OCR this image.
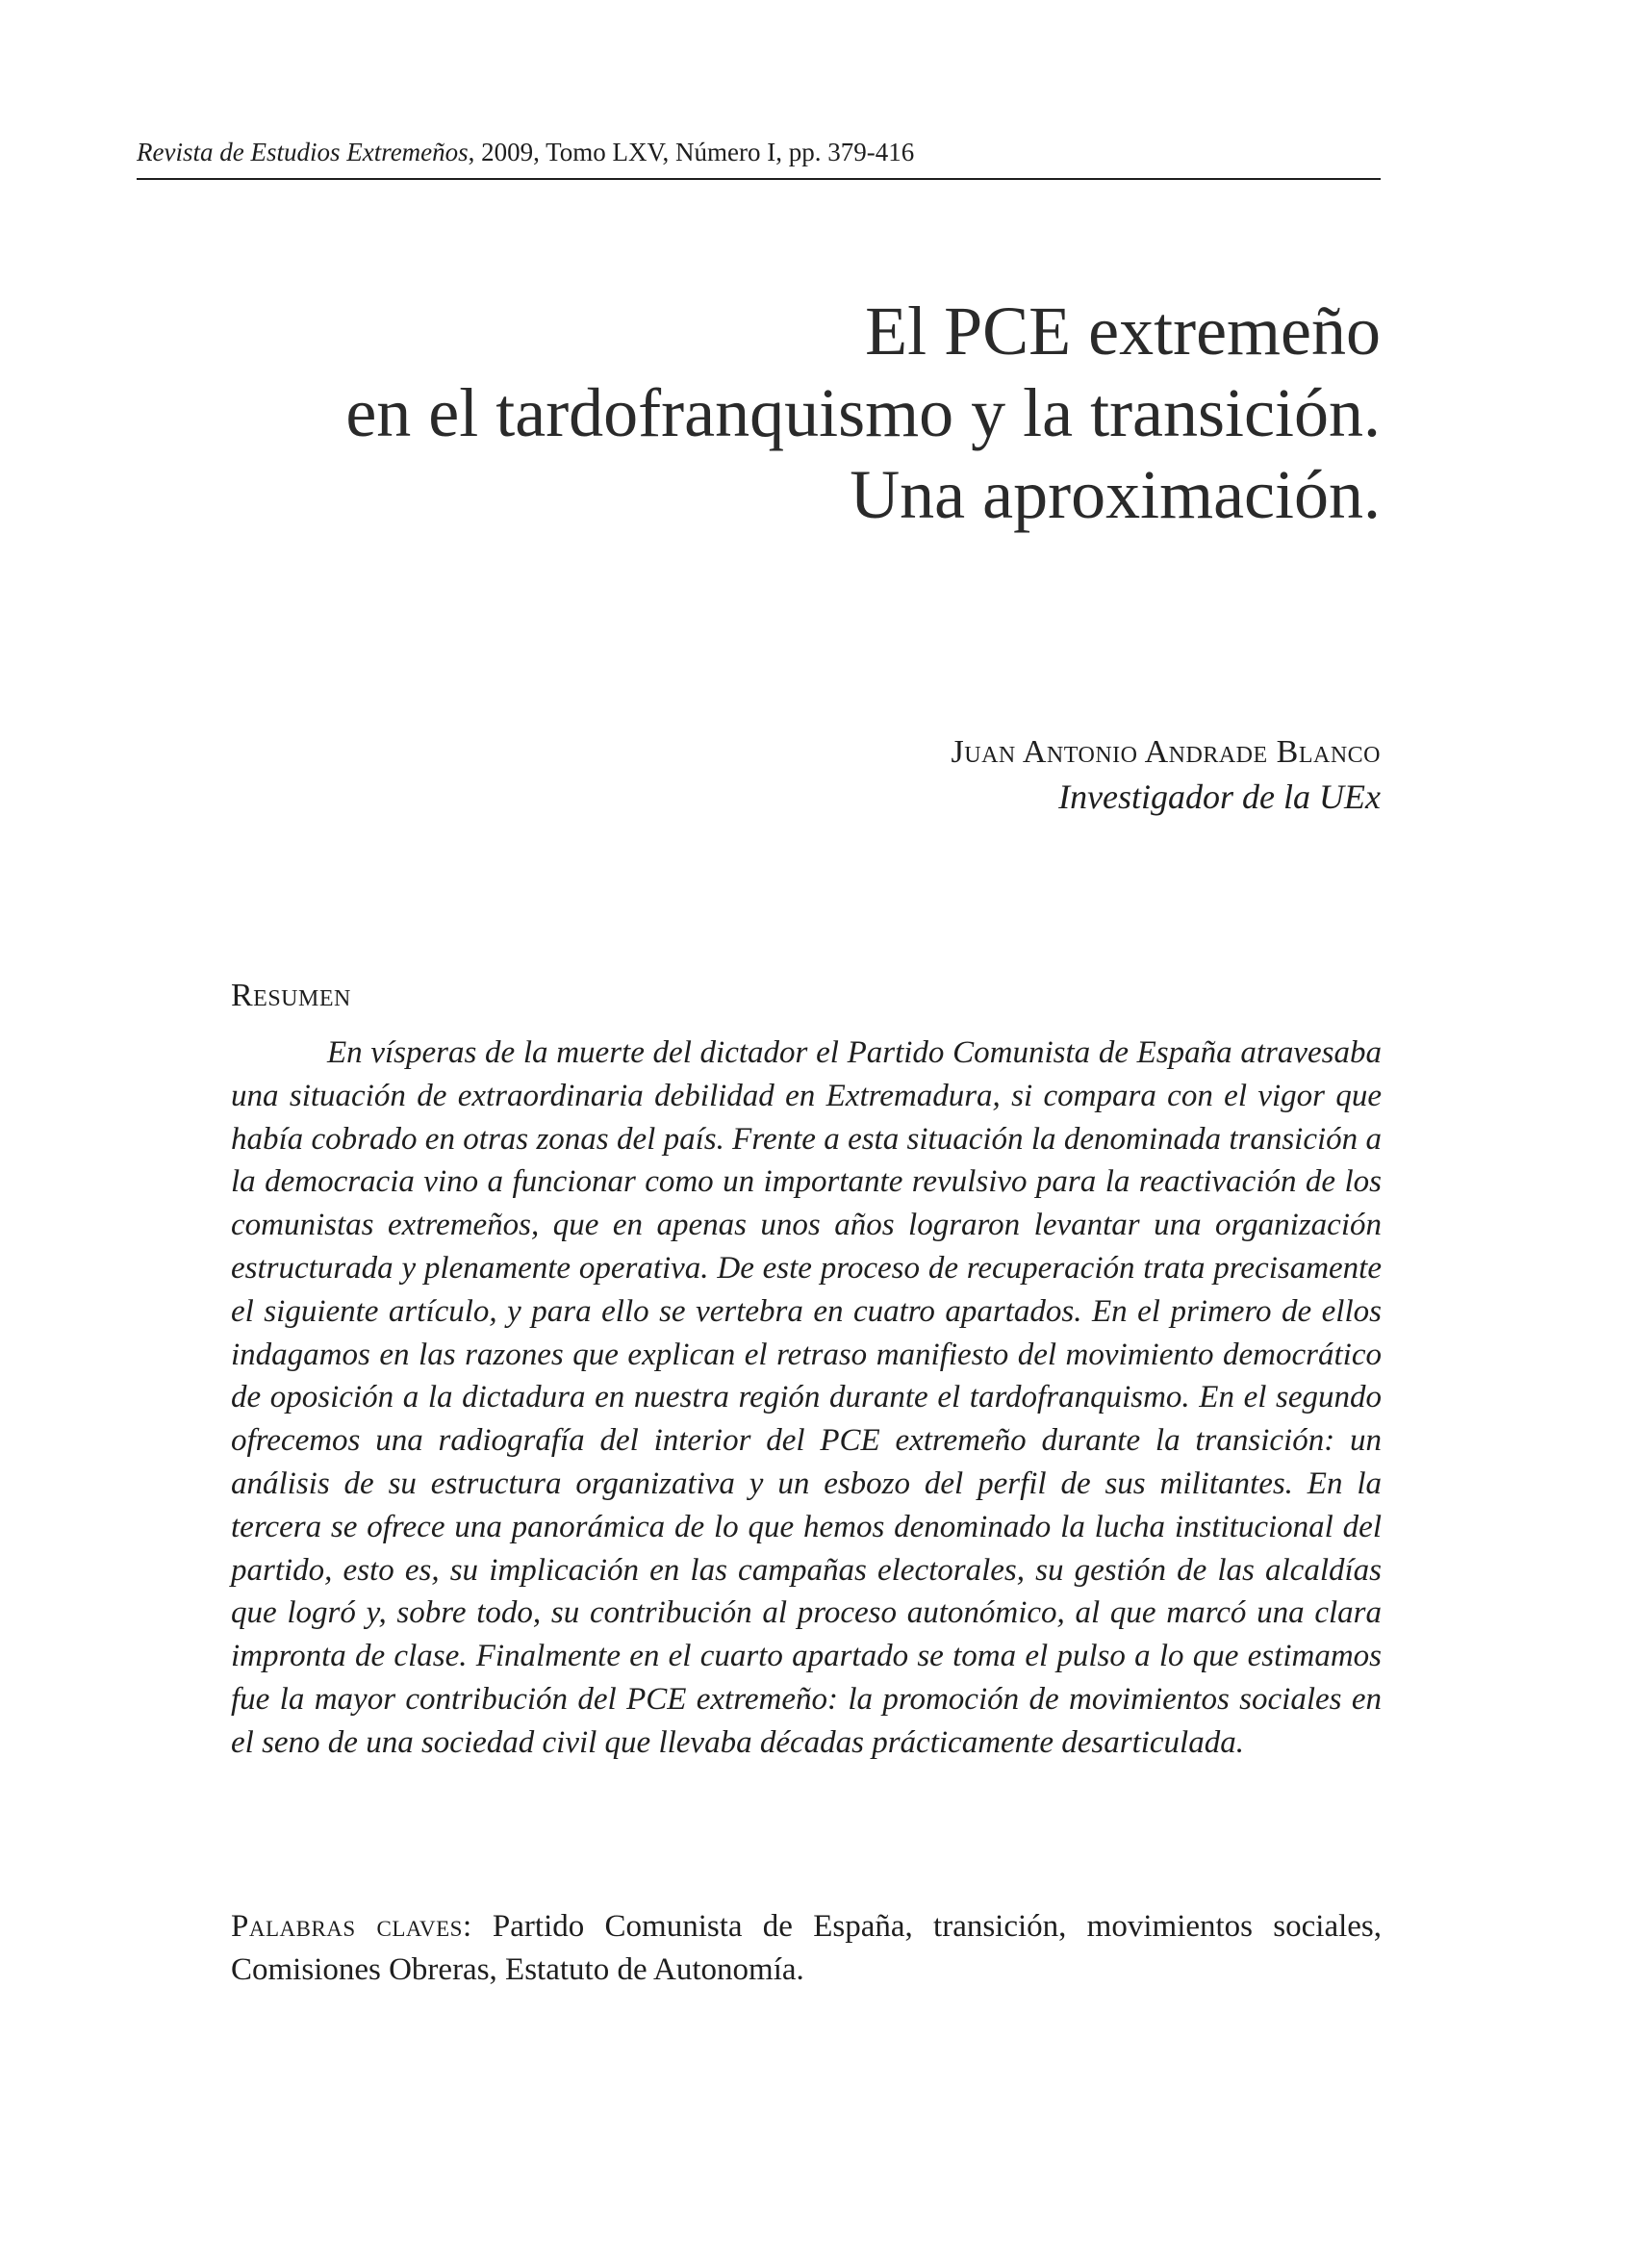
Revista de Estudios Extremeños, 2009, Tomo LXV, Número I, pp. 379-416
El PCE extremeño
en el tardofranquismo y la transición.
Una aproximación.
Juan Antonio Andrade Blanco
Investigador de la UEx
Resumen

En vísperas de la muerte del dictador el Partido Comunista de España atravesaba una situación de extraordinaria debilidad en Extremadura, si compara con el vigor que había cobrado en otras zonas del país. Frente a esta situación la denominada transición a la democracia vino a funcionar como un importante revulsivo para la reactivación de los comunistas extremeños, que en apenas unos años lograron levantar una organización estructurada y plenamente operativa. De este proceso de recuperación trata precisamente el siguiente artículo, y para ello se vertebra en cuatro apartados. En el primero de ellos indagamos en las razones que explican el retraso manifiesto del movimiento democrático de oposición a la dictadura en nuestra región durante el tardofranquismo. En el segundo ofrecemos una radiografía del interior del PCE extremeño durante la transición: un análisis de su estructura organizativa y un esbozo del perfil de sus militantes. En la tercera se ofrece una panorámica de lo que hemos denominado la lucha institucional del partido, esto es, su implicación en las campañas electorales, su gestión de las alcaldías que logró y, sobre todo, su contribución al proceso autonómico, al que marcó una clara impronta de clase. Finalmente en el cuarto apartado se toma el pulso a lo que estimamos fue la mayor contribución del PCE extremeño: la promoción de movimientos sociales en el seno de una sociedad civil que llevaba décadas prácticamente desarticulada.

Palabras claves: Partido Comunista de España, transición, movimientos sociales, Comisiones Obreras, Estatuto de Autonomía.
